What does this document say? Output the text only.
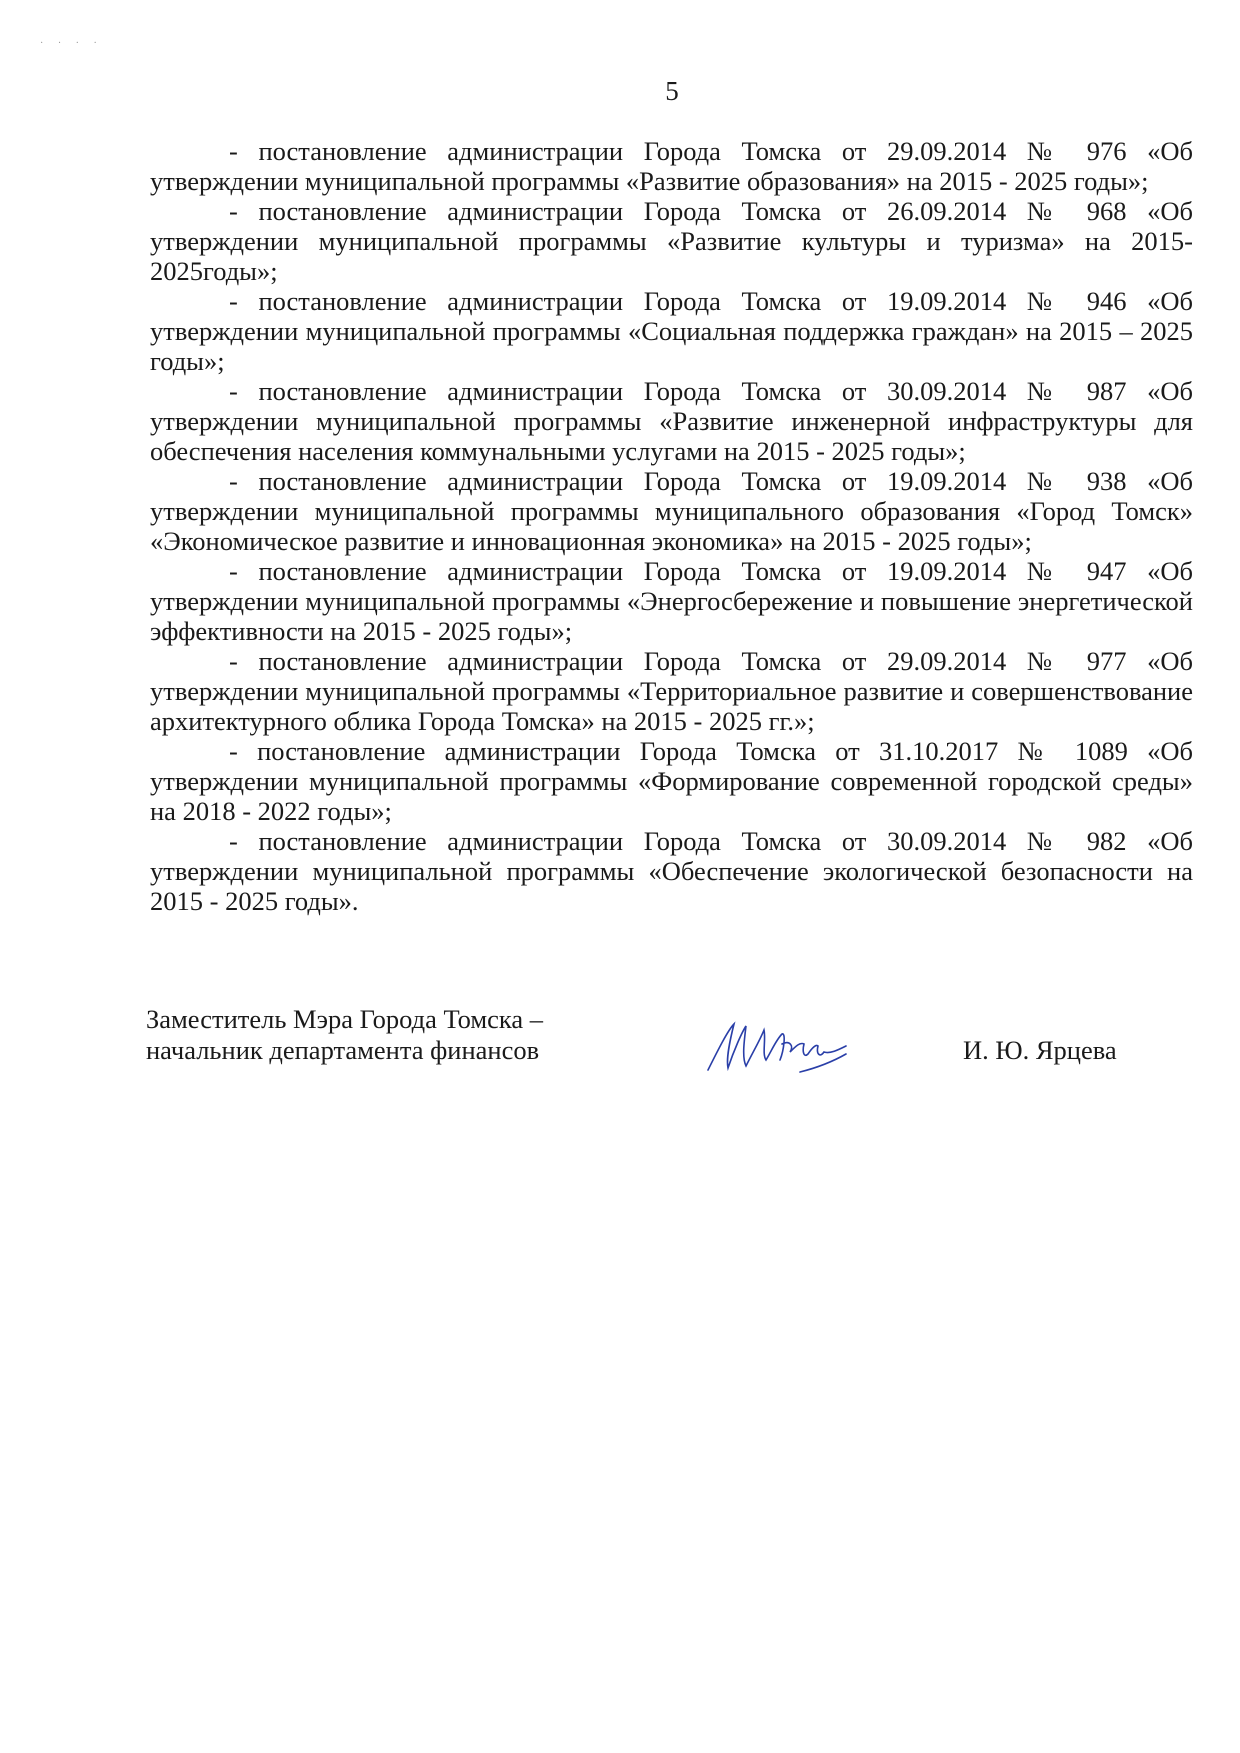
· · · ·
5

- постановление администрации Города Томска от 29.09.2014 № 976 «Об утверждении муниципальной программы «Развитие образования» на 2015 - 2025 годы»;

- постановление администрации Города Томска от 26.09.2014 № 968 «Об утверждении муниципальной программы «Развитие культуры и туризма» на 2015-2025годы»;

- постановление администрации Города Томска от 19.09.2014 № 946 «Об утверждении муниципальной программы «Социальная поддержка граждан» на 2015 – 2025 годы»;

- постановление администрации Города Томска от 30.09.2014 № 987 «Об утверждении муниципальной программы «Развитие инженерной инфраструктуры для обеспечения населения коммунальными услугами на 2015 - 2025 годы»;

- постановление администрации Города Томска от 19.09.2014 № 938 «Об утверждении муниципальной программы муниципального образования «Город Томск» «Экономическое развитие и инновационная экономика» на 2015 - 2025 годы»;

- постановление администрации Города Томска от 19.09.2014 № 947 «Об утверждении муниципальной программы «Энергосбережение и повышение энергетической эффективности на 2015 - 2025 годы»;

- постановление администрации Города Томска от 29.09.2014 № 977 «Об утверждении муниципальной программы «Территориальное развитие и совершенствование архитектурного облика Города Томска» на 2015 - 2025 гг.»;

- постановление администрации Города Томска от 31.10.2017 № 1089 «Об утверждении муниципальной программы «Формирование современной городской среды» на 2018 - 2022 годы»;

- постановление администрации Города Томска от 30.09.2014 № 982 «Об утверждении муниципальной программы «Обеспечение экологической безопасности на 2015 - 2025 годы».

Заместитель Мэра Города Томска –
начальник департамента финансов	И. Ю. Ярцева
